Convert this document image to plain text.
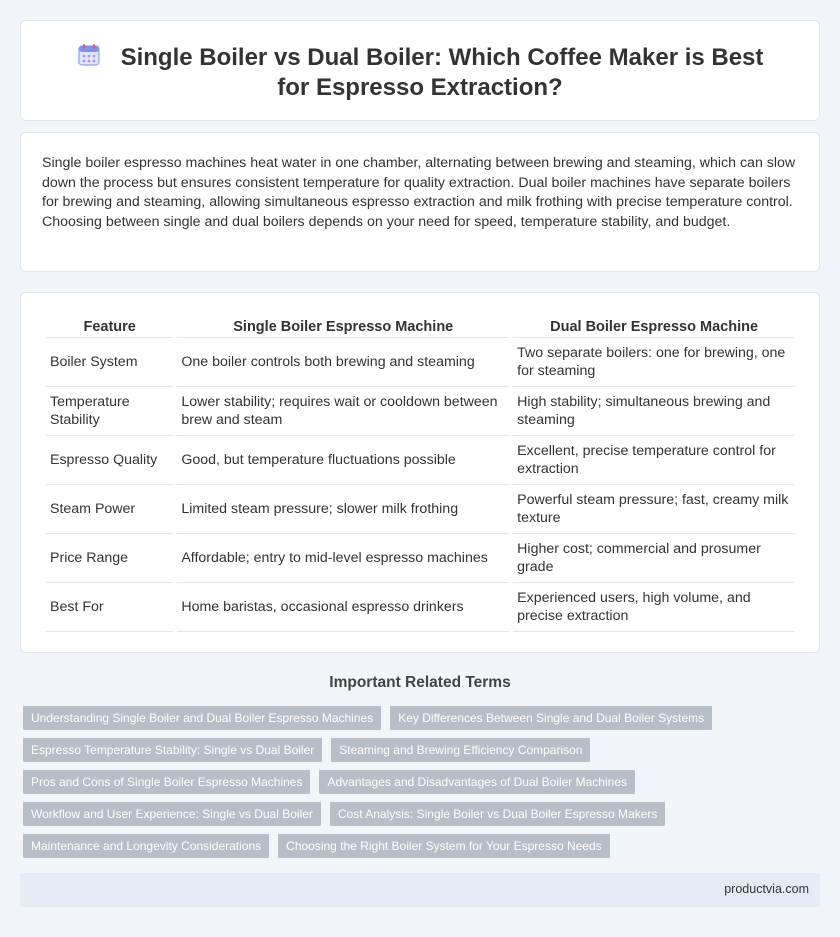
Single Boiler vs Dual Boiler: Which Coffee Maker is Best for Espresso Extraction?

Single boiler espresso machines heat water in one chamber, alternating between brewing and steaming, which can slow down the process but ensures consistent temperature for quality extraction. Dual boiler machines have separate boilers for brewing and steaming, allowing simultaneous espresso extraction and milk frothing with precise temperature control. Choosing between single and dual boilers depends on your need for speed, temperature stability, and budget.

Feature	Single Boiler Espresso Machine	Dual Boiler Espresso Machine
Boiler System	One boiler controls both brewing and steaming	Two separate boilers: one for brewing, one for steaming
Temperature Stability	Lower stability; requires wait or cooldown between brew and steam	High stability; simultaneous brewing and steaming
Espresso Quality	Good, but temperature fluctuations possible	Excellent, precise temperature control for extraction
Steam Power	Limited steam pressure; slower milk frothing	Powerful steam pressure; fast, creamy milk texture
Price Range	Affordable; entry to mid-level espresso machines	Higher cost; commercial and prosumer grade
Best For	Home baristas, occasional espresso drinkers	Experienced users, high volume, and precise extraction
Important Related Terms
Understanding Single Boiler and Dual Boiler Espresso Machines	Key Differences Between Single and Dual Boiler Systems
Espresso Temperature Stability: Single vs Dual Boiler	Steaming and Brewing Efficiency Comparison
Pros and Cons of Single Boiler Espresso Machines	Advantages and Disadvantages of Dual Boiler Machines
Workflow and User Experience: Single vs Dual Boiler	Cost Analysis: Single Boiler vs Dual Boiler Espresso Makers
Maintenance and Longevity Considerations	Choosing the Right Boiler System for Your Espresso Needs
productvia.com
